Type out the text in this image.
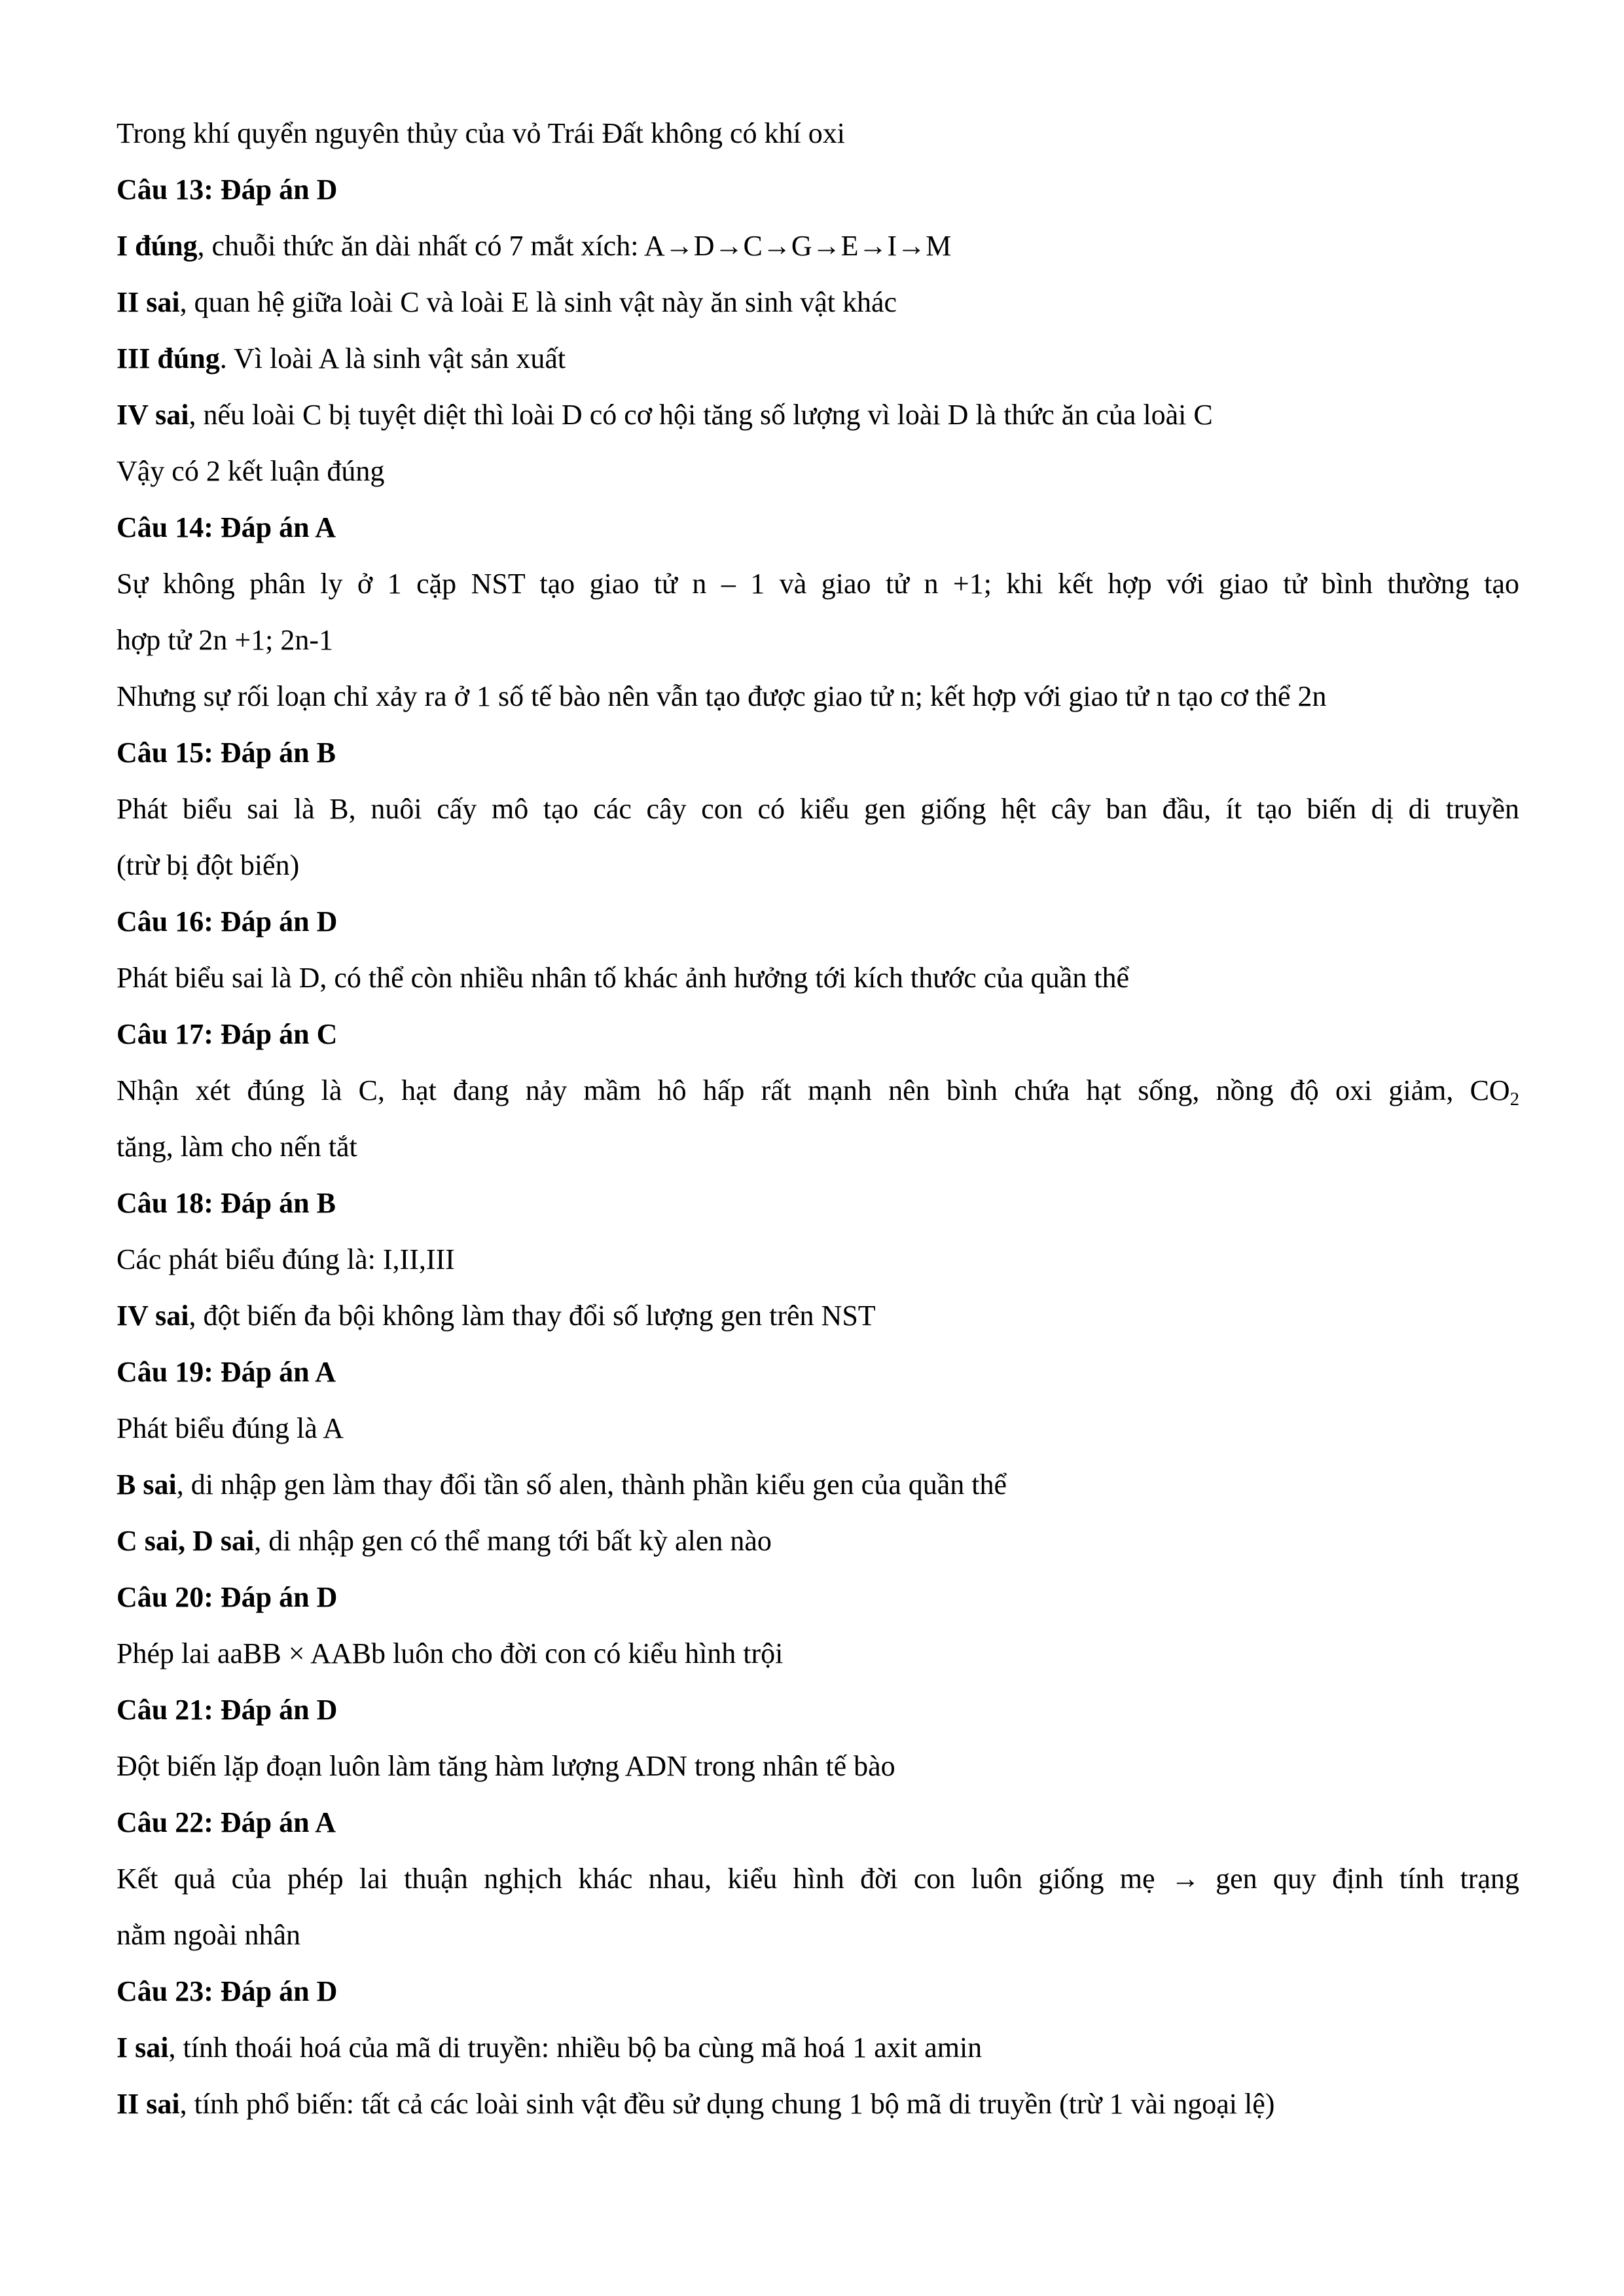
Trong khí quyển nguyên thủy của vỏ Trái Đất không có khí oxi

Câu 13: Đáp án D

I đúng, chuỗi thức ăn dài nhất có 7 mắt xích: A→D→C→G→E→I→M

II sai, quan hệ giữa loài C và loài E là sinh vật này ăn sinh vật khác

III đúng. Vì loài A là sinh vật sản xuất

IV sai, nếu loài C bị tuyệt diệt thì loài D có cơ hội tăng số lượng vì loài D là thức ăn của loài C

Vậy có 2 kết luận đúng

Câu 14: Đáp án A

Sự không phân ly ở 1 cặp NST tạo giao tử n – 1 và giao tử n +1; khi kết hợp với giao tử bình thường tạo

hợp tử 2n +1; 2n-1

Nhưng sự rối loạn chỉ xảy ra ở 1 số tế bào nên vẫn tạo được giao tử n; kết hợp với giao tử n tạo cơ thể 2n

Câu 15: Đáp án B

Phát biểu sai là B, nuôi cấy mô tạo các cây con có kiểu gen giống hệt cây ban đầu, ít tạo biến dị di truyền

(trừ bị đột biến)

Câu 16: Đáp án D

Phát biểu sai là D, có thể còn nhiều nhân tố khác ảnh hưởng tới kích thước của quần thể

Câu 17: Đáp án C

Nhận xét đúng là C, hạt đang nảy mầm hô hấp rất mạnh nên bình chứa hạt sống, nồng độ oxi giảm, $CO_2$

tăng, làm cho nến tắt

Câu 18: Đáp án B

Các phát biểu đúng là: I,II,III

IV sai, đột biến đa bội không làm thay đổi số lượng gen trên NST

Câu 19: Đáp án A

Phát biểu đúng là A

B sai, di nhập gen làm thay đổi tần số alen, thành phần kiểu gen của quần thể

C sai, D sai, di nhập gen có thể mang tới bất kỳ alen nào

Câu 20: Đáp án D

Phép lai aaBB × AABb luôn cho đời con có kiểu hình trội

Câu 21: Đáp án D

Đột biến lặp đoạn luôn làm tăng hàm lượng ADN trong nhân tế bào

Câu 22: Đáp án A

Kết quả của phép lai thuận nghịch khác nhau, kiểu hình đời con luôn giống mẹ → gen quy định tính trạng

nằm ngoài nhân

Câu 23: Đáp án D

I sai, tính thoái hoá của mã di truyền: nhiều bộ ba cùng mã hoá 1 axit amin

II sai, tính phổ biến: tất cả các loài sinh vật đều sử dụng chung 1 bộ mã di truyền (trừ 1 vài ngoại lệ)
